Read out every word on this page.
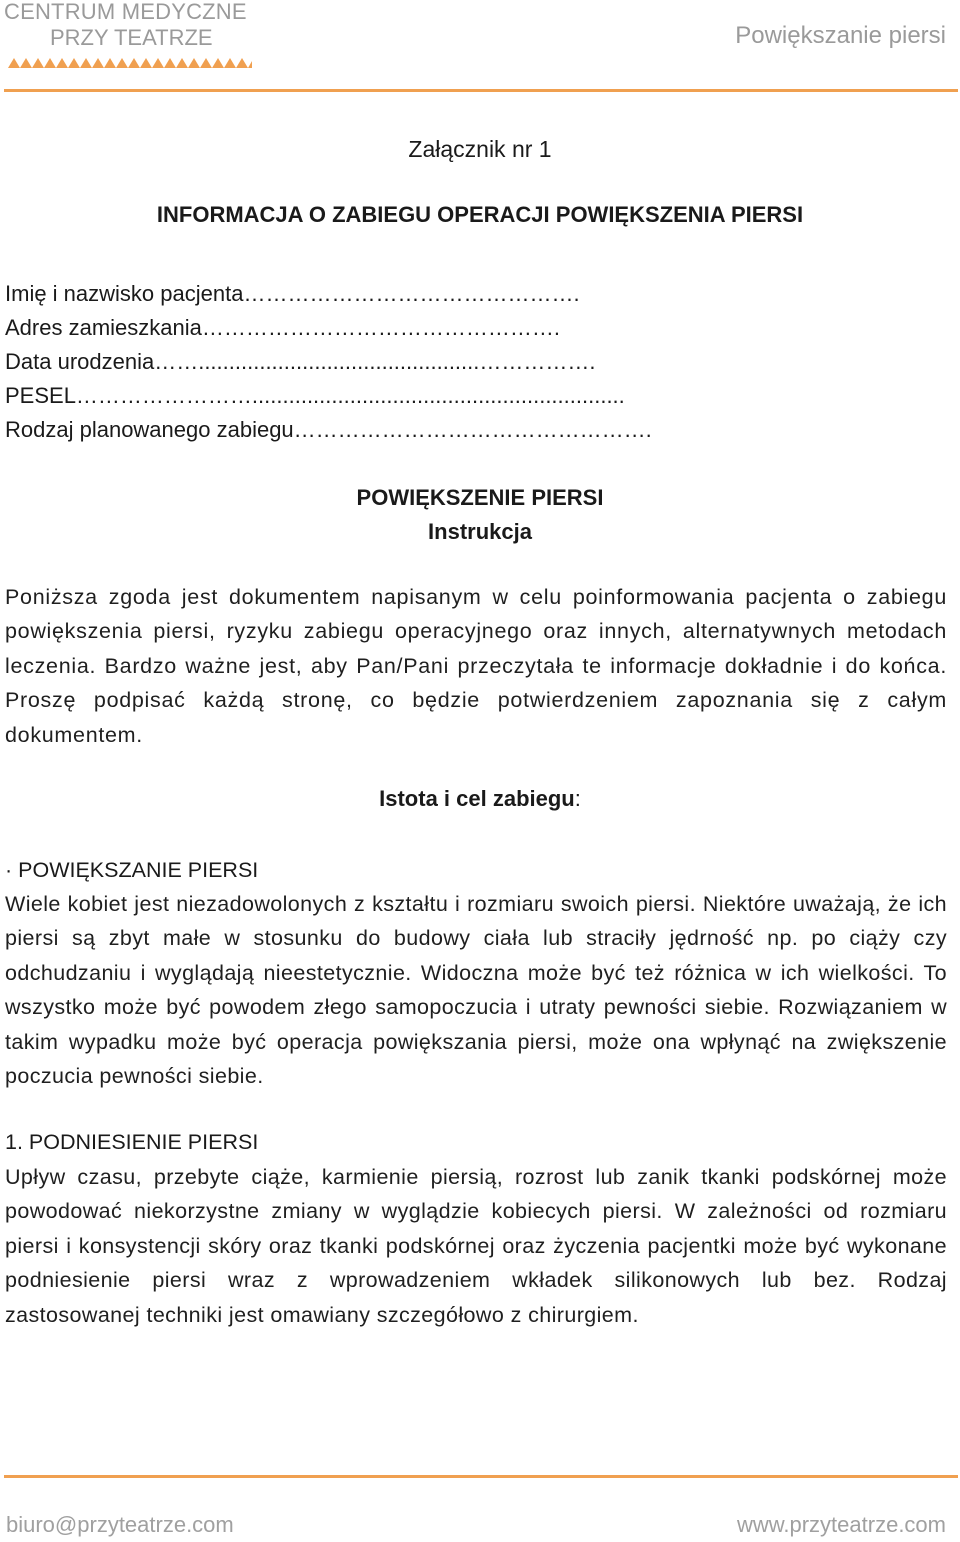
CENTRUM MEDYCZNE
PRZY TEATRZE	Powiększanie piersi
Załącznik nr 1
INFORMACJA O ZABIEGU OPERACJI POWIĘKSZENIA PIERSI
Imię i nazwisko pacjenta……………………………………….
Adres zamieszkania………………………………………….
Data urodzenia……..............................................…………….
PESEL…………………….............................................................
Rodzaj planowanego zabiegu………………………………………….
POWIĘKSZENIE PIERSI
Instrukcja
Poniższa zgoda jest dokumentem napisanym w celu poinformowania pacjenta o zabiegu powiększenia piersi, ryzyku zabiegu operacyjnego oraz innych, alternatywnych metodach leczenia. Bardzo ważne jest, aby Pan/Pani przeczytała te informacje dokładnie i do końca. Proszę podpisać każdą stronę, co będzie potwierdzeniem zapoznania się z całym dokumentem.
Istota i cel zabiegu:
· POWIĘKSZANIE PIERSI
Wiele kobiet jest niezadowolonych z kształtu i rozmiaru swoich piersi. Niektóre uważają, że ich piersi są zbyt małe w stosunku do budowy ciała lub straciły jędrność np. po ciąży czy odchudzaniu i wyglądają nieestetycznie. Widoczna może być też różnica w ich wielkości. To wszystko może być powodem złego samopoczucia i utraty pewności siebie. Rozwiązaniem w takim wypadku może być operacja powiększania piersi, może ona wpłynąć na zwiększenie poczucia pewności siebie.
1. PODNIESIENIE PIERSI
Upływ czasu, przebyte ciąże, karmienie piersią, rozrost lub zanik tkanki podskórnej może powodować niekorzystne zmiany w wyglądzie kobiecych piersi. W zależności od rozmiaru piersi i konsystencji skóry oraz tkanki podskórnej oraz życzenia pacjentki może być wykonane podniesienie piersi wraz z wprowadzeniem wkładek silikonowych lub bez. Rodzaj zastosowanej techniki jest omawiany szczegółowo z chirurgiem.
biuro@przyteatrze.com	www.przyteatrze.com
